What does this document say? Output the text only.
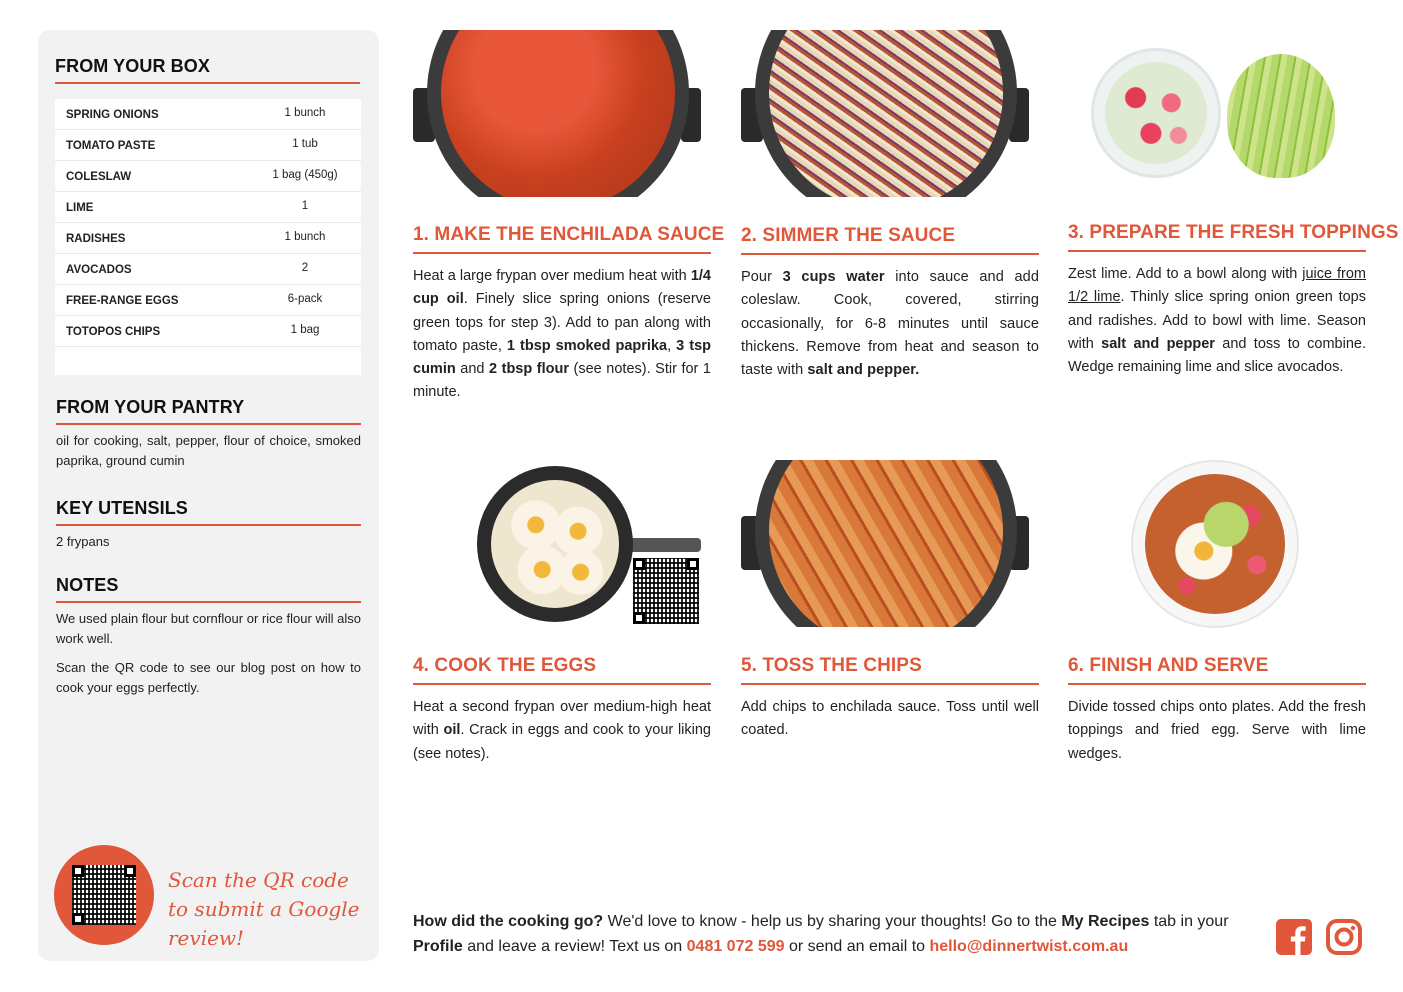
FROM YOUR BOX
SPRING ONIONS	1 bunch
TOMATO PASTE	1 tub
COLESLAW	1 bag (450g)
LIME	1
RADISHES	1 bunch
AVOCADOS	2
FREE-RANGE EGGS	6-pack
TOTOPOS CHIPS	1 bag
FROM YOUR PANTRY
oil for cooking, salt, pepper, flour of choice, smoked paprika, ground cumin
KEY UTENSILS
2 frypans
NOTES
We used plain flour but cornflour or rice flour will also work well.
Scan the QR code to see our blog post on how to cook your eggs perfectly.
Scan the QR code to submit a Google review!
1. MAKE THE ENCHILADA SAUCE
Heat a large frypan over medium heat with 1/4 cup oil. Finely slice spring onions (reserve green tops for step 3). Add to pan along with tomato paste, 1 tbsp smoked paprika, 3 tsp cumin and 2 tbsp flour (see notes). Stir for 1 minute.
2. SIMMER THE SAUCE
Pour 3 cups water into sauce and add coleslaw. Cook, covered, stirring occasionally, for 6-8 minutes until sauce thickens. Remove from heat and season to taste with salt and pepper.
3. PREPARE THE FRESH TOPPINGS
Zest lime. Add to a bowl along with juice from 1/2 lime. Thinly slice spring onion green tops and radishes. Add to bowl with lime. Season with salt and pepper and toss to combine. Wedge remaining lime and slice avocados.
4. COOK THE EGGS
Heat a second frypan over medium-high heat with oil. Crack in eggs and cook to your liking (see notes).
5. TOSS THE CHIPS
Add chips to enchilada sauce. Toss until well coated.
6. FINISH AND SERVE
Divide tossed chips onto plates. Add the fresh toppings and fried egg. Serve with lime wedges.
How did the cooking go? We'd love to know - help us by sharing your thoughts! Go to the My Recipes tab in your Profile and leave a review! Text us on 0481 072 599 or send an email to hello@dinnertwist.com.au
